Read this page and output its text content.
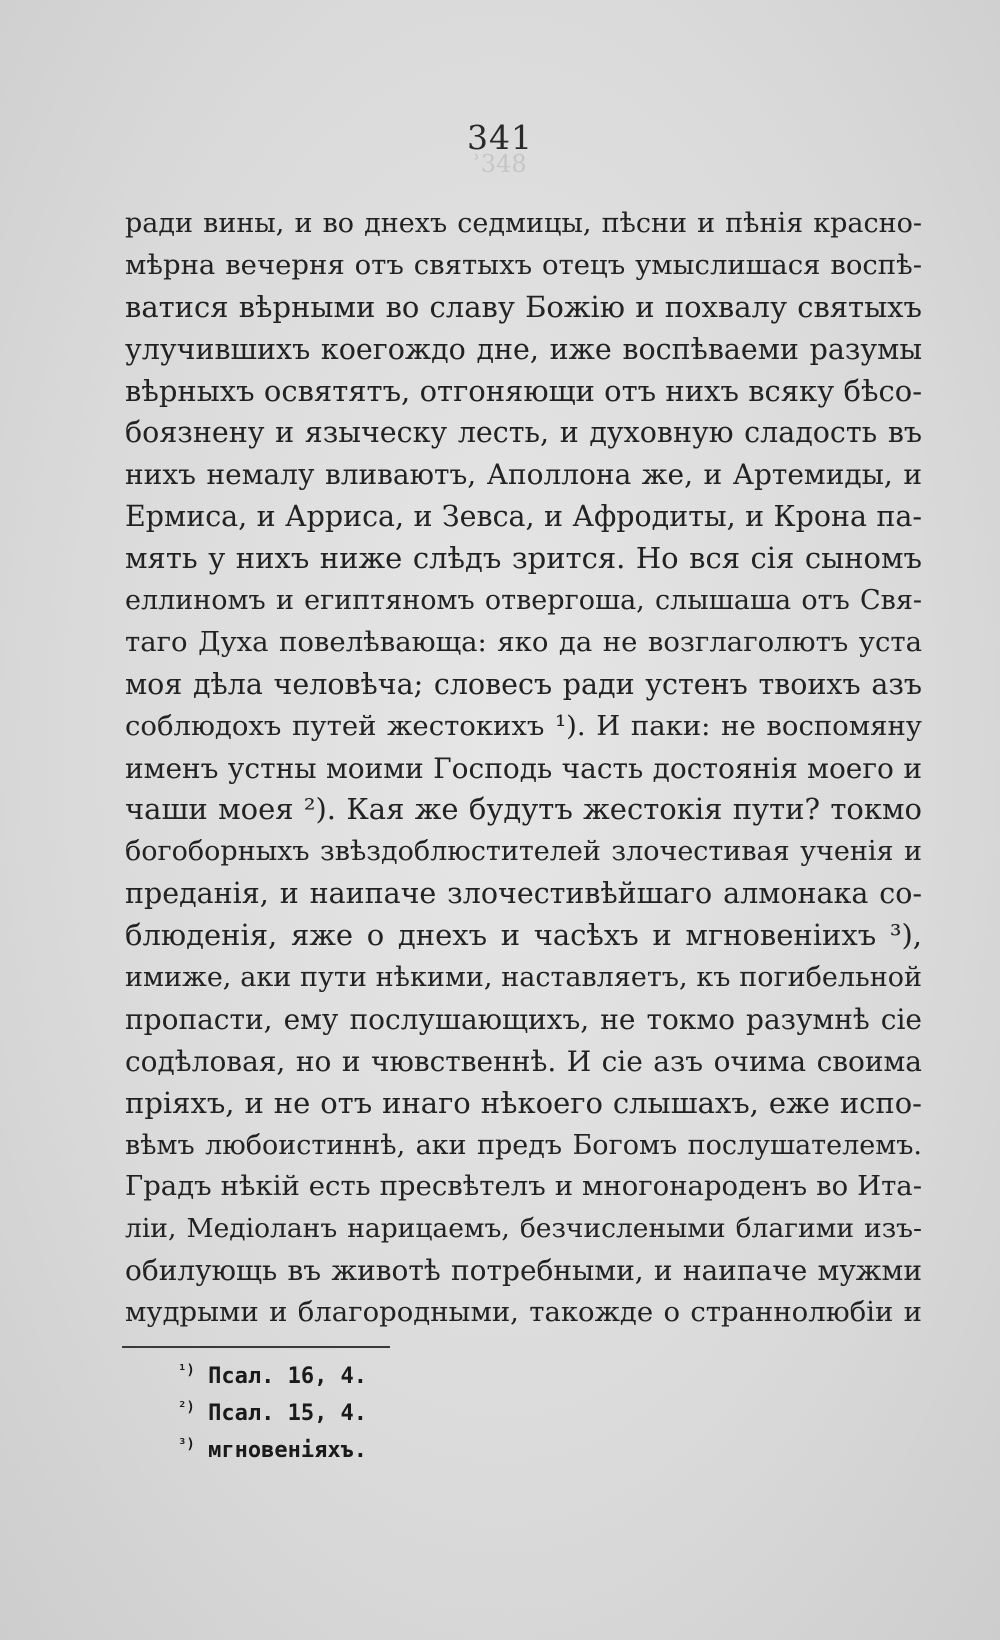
ʾ348
341
ради вины, и во днехъ седмицы, пѣсни и пѣнія красно-
мѣрна вечерня отъ святыхъ отецъ умыслишася воспѣ-
ватися вѣрными во славу Божію и похвалу святыхъ
улучившихъ коегождо дне, иже воспѣваеми разумы
вѣрныхъ освятятъ, отгоняющи отъ нихъ всяку бѣсо-
боязнену и языческу лесть, и духовную сладость въ
нихъ немалу вливаютъ, Аполлона же, и Артемиды, и
Ермиса, и Арриса, и Зевса, и Афродиты, и Крона па-
мять у нихъ ниже слѣдъ зрится. Но вся сія сыномъ
еллиномъ и египтяномъ отвергоша, слышаша отъ Свя-
таго Духа повелѣвающа: яко да не возглаголютъ уста
моя дѣла человѣча; словесъ ради устенъ твоихъ азъ
соблюдохъ путей жестокихъ ¹). И паки: не воспомяну
именъ устны моими Господь часть достоянія моего и
чаши моея ²). Кая же будутъ жестокія пути? токмо
богоборныхъ звѣздоблюстителей злочестивая ученія и
преданія, и наипаче злочестивѣйшаго алмонака со-
блюденія, яже о днехъ и часѣхъ и мгновеніихъ ³),
имиже, аки пути нѣкими, наставляетъ, къ погибельной
пропасти, ему послушающихъ, не токмо разумнѣ сіе
содѣловая, но и чювственнѣ. И сіе азъ очима своима
пріяхъ, и не отъ инаго нѣкоего слышахъ, еже испо-
вѣмъ любоистиннѣ, аки предъ Богомъ послушателемъ.
Градъ нѣкій есть пресвѣтелъ и многонароденъ во Ита-
ліи, Медіоланъ нарицаемъ, безчислеными благими изъ-
обилующь въ животѣ потребными, и наипаче мужми
мудрыми и благородными, такожде о страннолюбіи и
$^{^1)}$ Псал. 16, 4.
$^{^2)}$ Псал. 15, 4.
$^{^3)}$ мгновеніяхъ.
